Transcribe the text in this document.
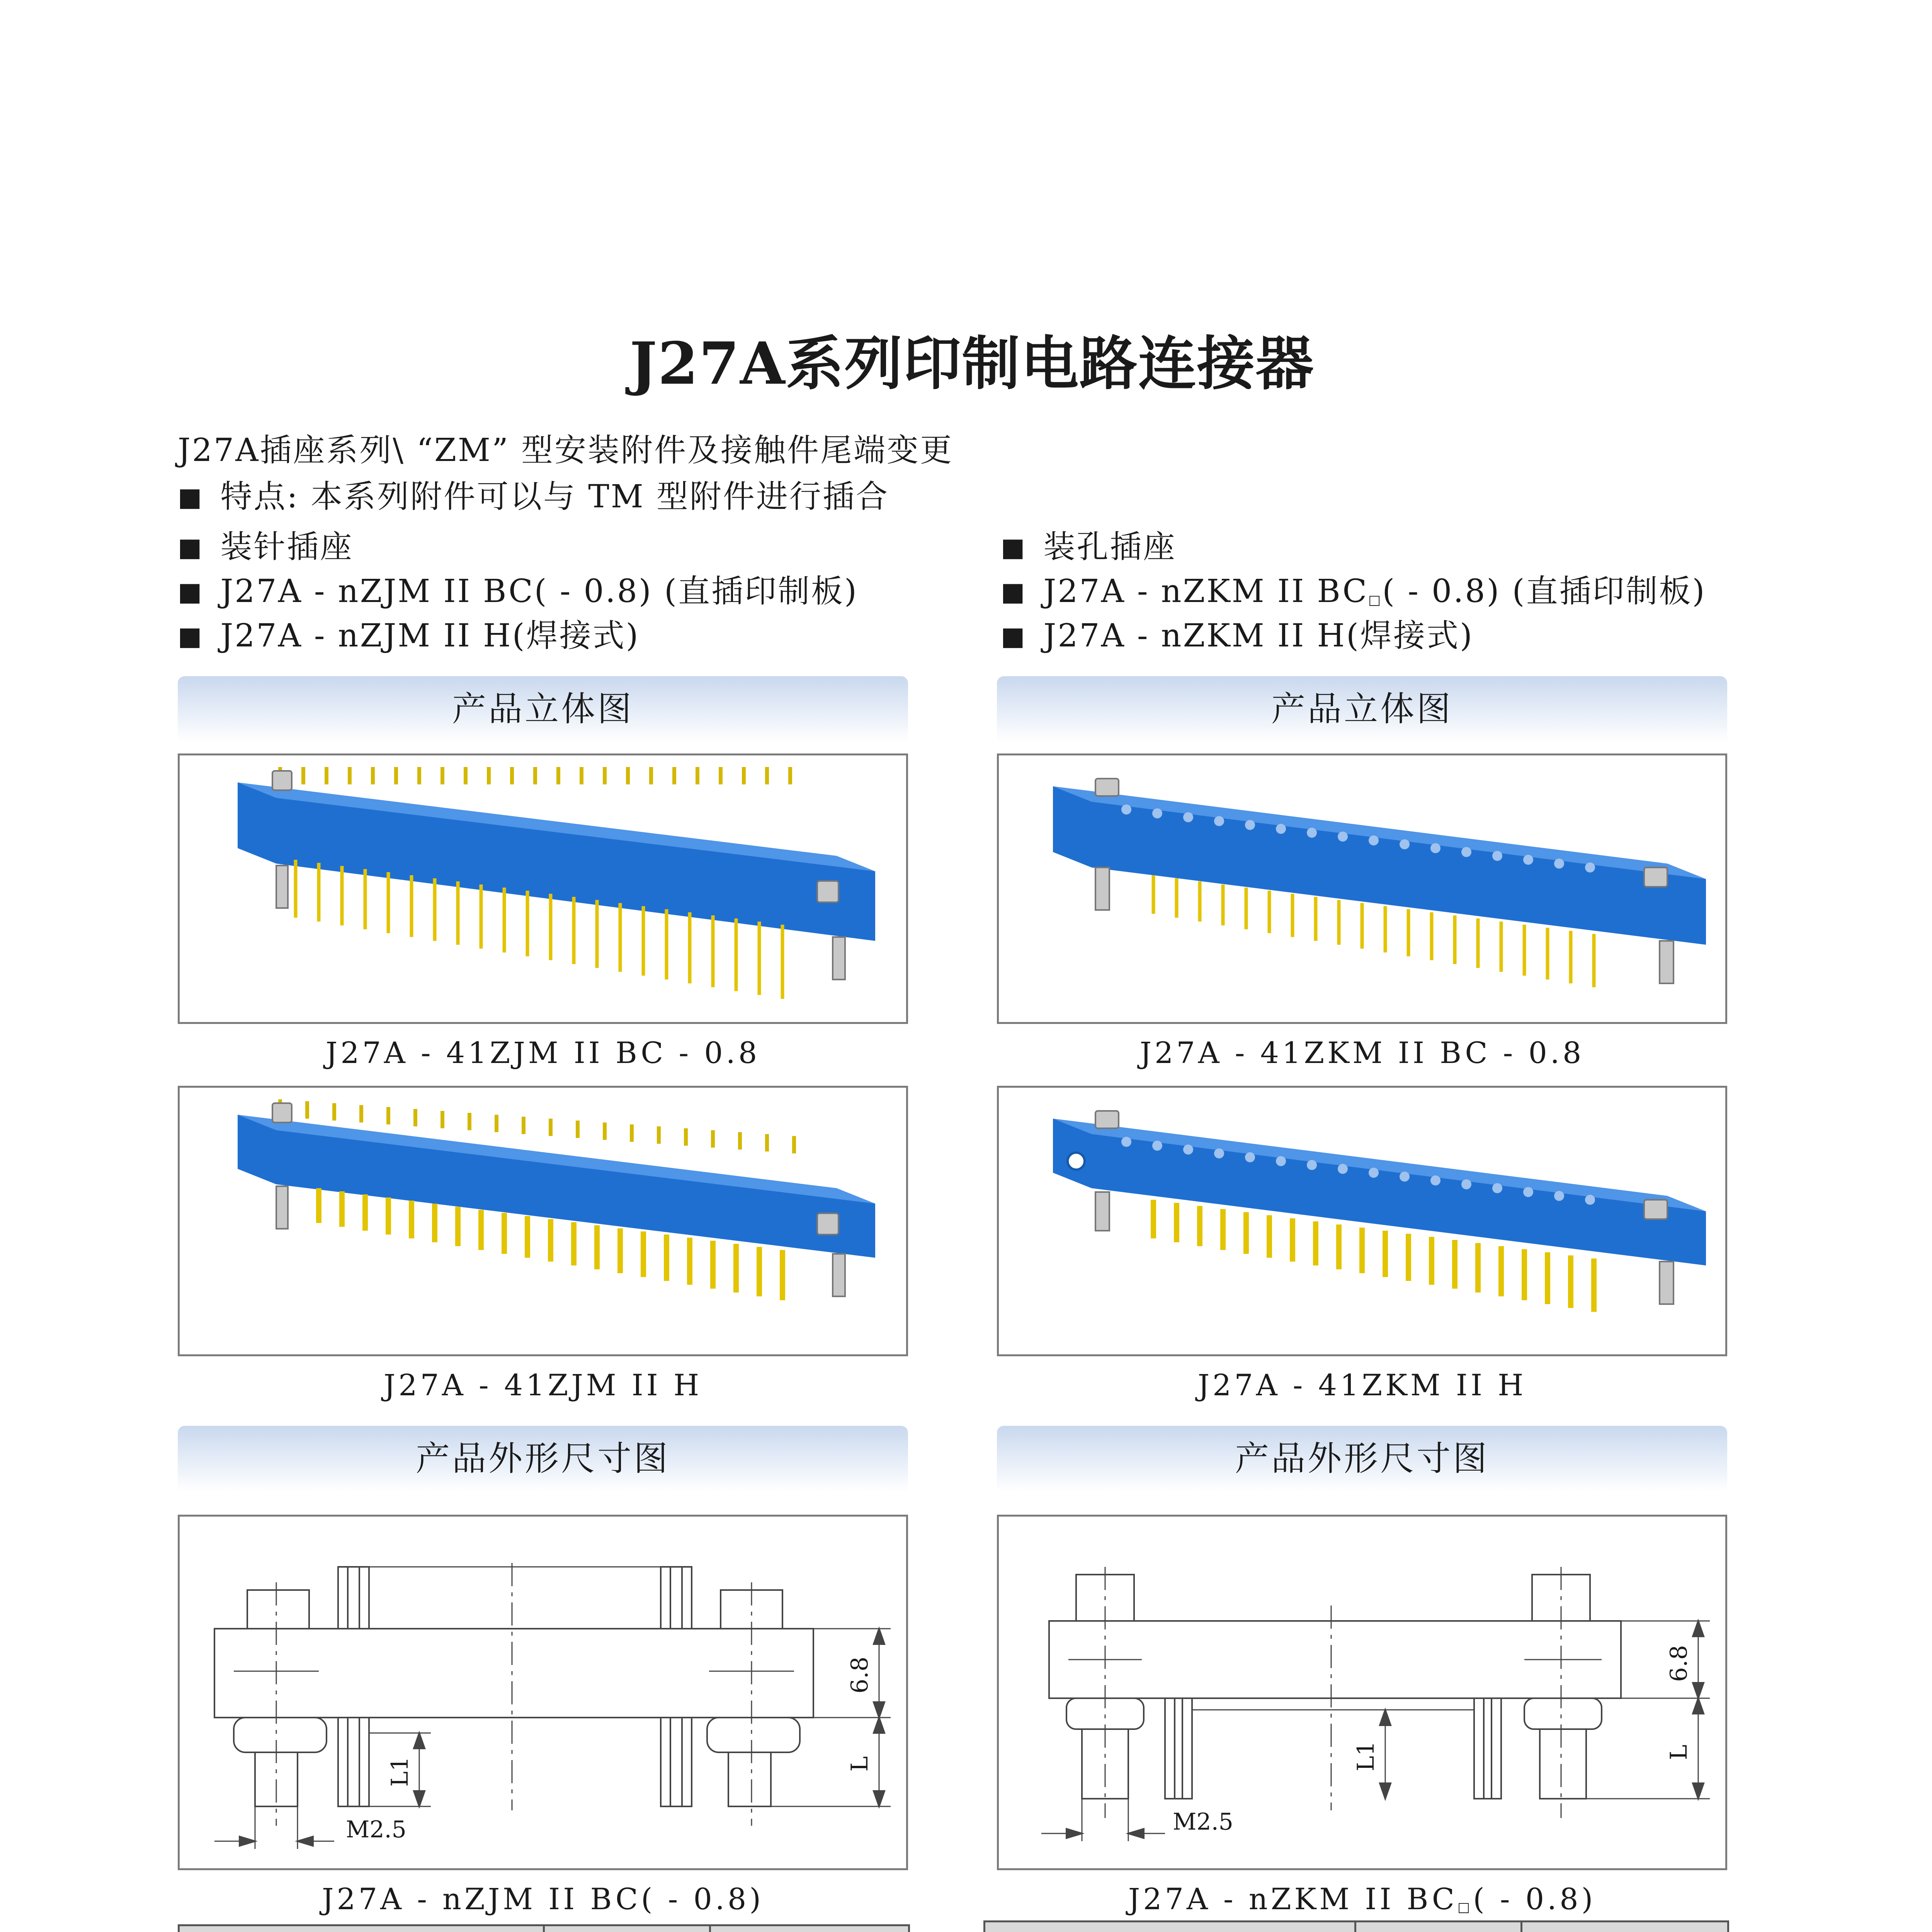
J27A系列印制电路连接器
J27A插座系列\ “ZM” 型安装附件及接触件尾端变更
■ 特点: 本系列附件可以与 TM 型附件进行插合
■ 装针插座
■ J27A - nZJM II BC( - 0.8) (直插印制板)
■ J27A - nZJM II H(焊接式)
■ 装孔插座
■ J27A - nZKM II BC□( - 0.8) (直插印制板)
■ J27A - nZKM II H(焊接式)
产品立体图	产品立体图
J27A - 41ZJM II BC - 0.8	J27A - 41ZKM II BC - 0.8
J27A - 41ZJM II H	J27A - 41ZKM II H
产品外形尺寸图	产品外形尺寸图
6.8
L
L1
M2.5
6.8
L
L1
M2.5
J27A - nZJM II BC( - 0.8)	J27A - nZKM II BC□( - 0.8)
